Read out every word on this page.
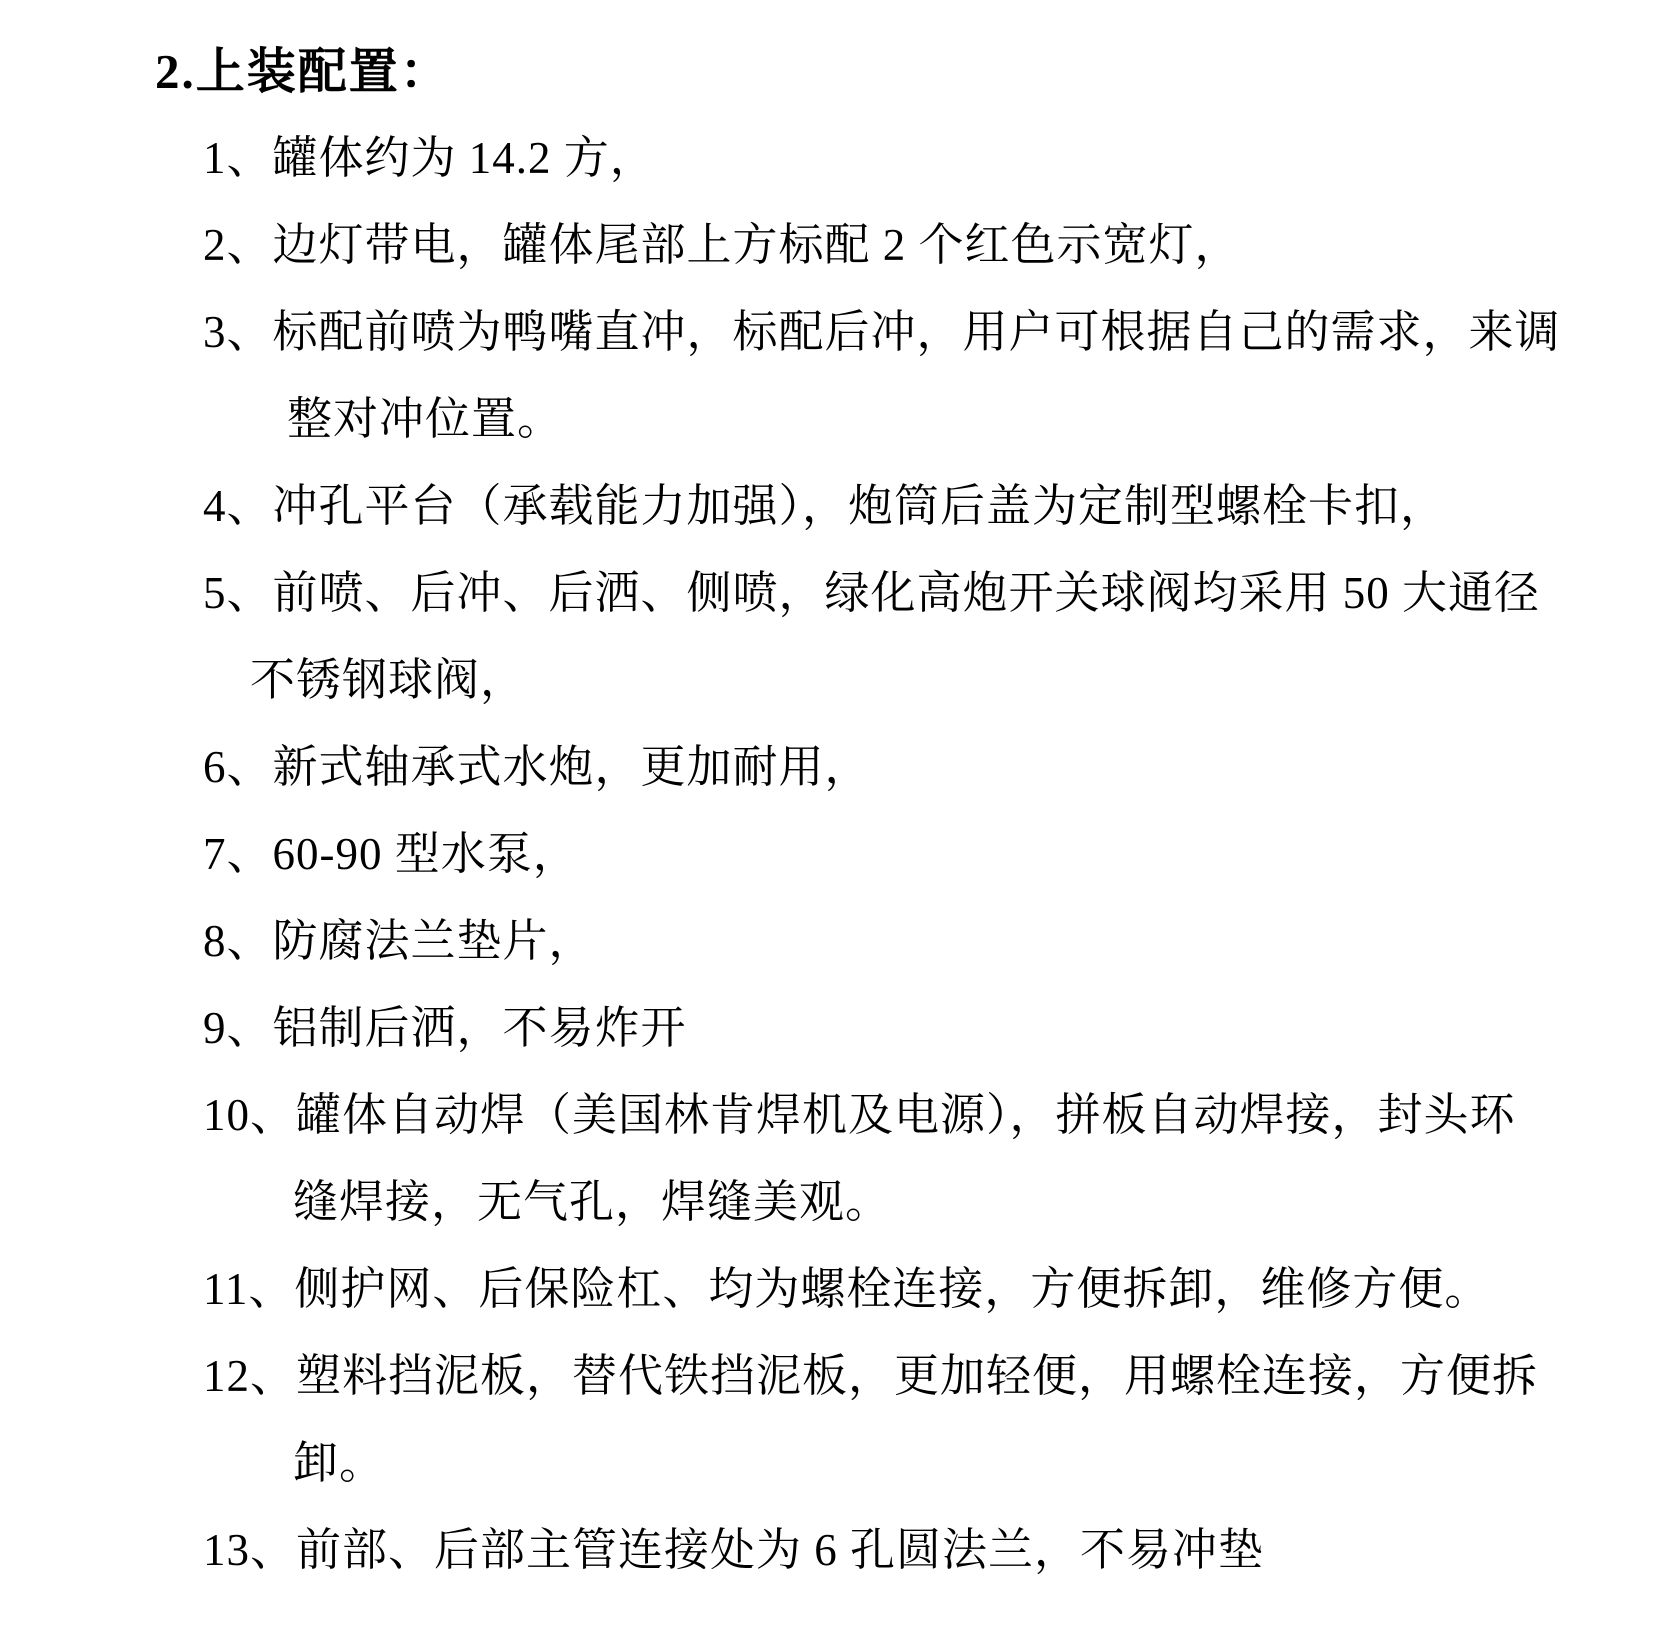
2.上装配置：
1、罐体约为 14.2 方，
2、边灯带电，罐体尾部上方标配 2 个红色示宽灯，
3、标配前喷为鸭嘴直冲，标配后冲，用户可根据自己的需求，来调
整对冲位置。
4、冲孔平台（承载能力加强），炮筒后盖为定制型螺栓卡扣，
5、前喷、后冲、后洒、侧喷，绿化高炮开关球阀均采用 50 大通径
不锈钢球阀，
6、新式轴承式水炮，更加耐用，
7、60-90 型水泵，
8、防腐法兰垫片，
9、铝制后洒，不易炸开
10、罐体自动焊（美国林肯焊机及电源），拼板自动焊接，封头环
缝焊接，无气孔，焊缝美观。
11、侧护网、后保险杠、均为螺栓连接，方便拆卸，维修方便。
12、塑料挡泥板，替代铁挡泥板，更加轻便，用螺栓连接，方便拆
卸。
13、前部、后部主管连接处为 6 孔圆法兰，不易冲垫
